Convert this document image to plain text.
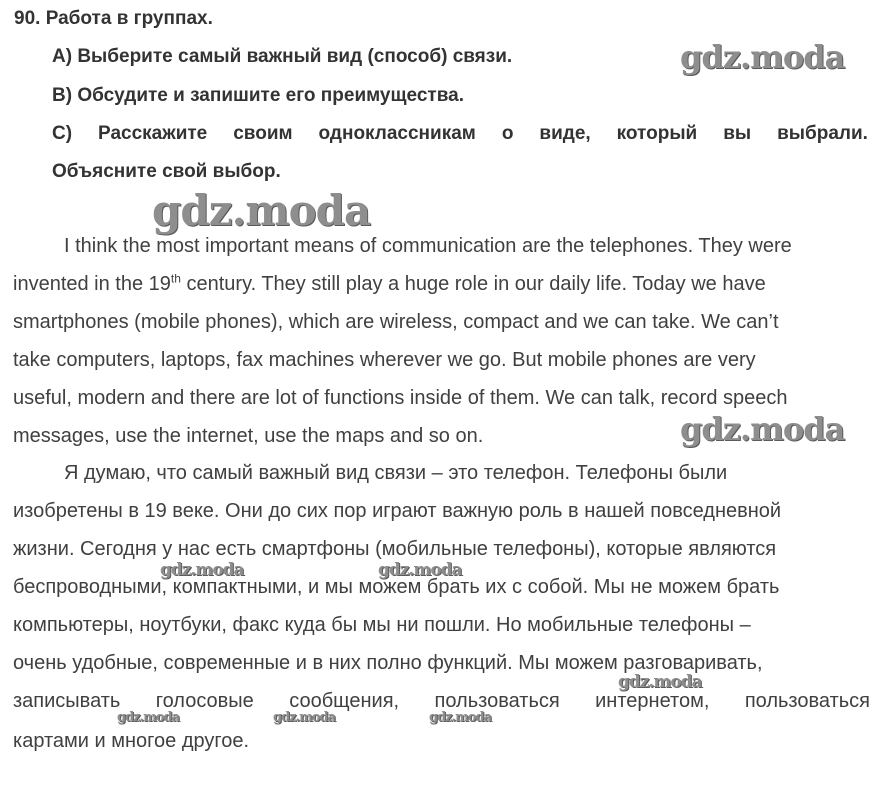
90. Работа в группах.
А) Выберите самый важный вид (способ) связи.
В) Обсудите и запишите его преимущества.
С) Расскажите своим одноклассникам о виде, который вы выбрали.
Объясните свой выбор.
I think the most important means of communication are the telephones. They were
invented in the 19th century. They still play a huge role in our daily life. Today we have
smartphones (mobile phones), which are wireless, compact and we can take. We can’t
take computers, laptops, fax machines wherever we go. But mobile phones are very
useful, modern and there are lot of functions inside of them. We can talk, record speech
messages, use the internet, use the maps and so on.
Я думаю, что самый важный вид связи – это телефон. Телефоны были
изобретены в 19 веке. Они до сих пор играют важную роль в нашей повседневной
жизни. Сегодня у нас есть смартфоны (мобильные телефоны), которые являются
беспроводными, компактными, и мы можем брать их с собой. Мы не можем брать
компьютеры, ноутбуки, факс куда бы мы ни пошли. Но мобильные телефоны –
очень удобные, современные и в них полно функций. Мы можем разговаривать,
записывать голосовые сообщения, пользоваться интернетом, пользоваться
картами и многое другое.
gdz.moda
gdz.moda
gdz.moda
gdz.moda	gdz.moda
gdz.moda
gdz.moda	gdz.moda	gdz.moda
